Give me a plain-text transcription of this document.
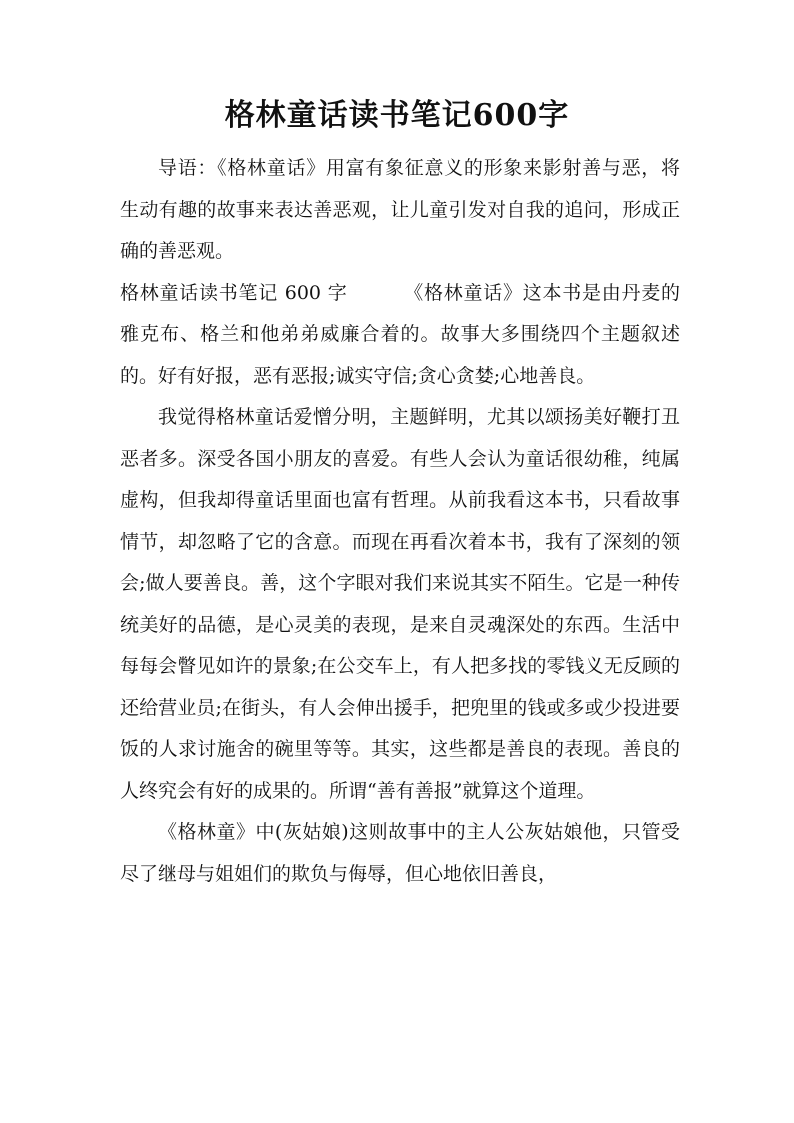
格林童话读书笔记600字

导语：《格林童话》用富有象征意义的形象来影射善与恶，将生动有趣的故事来表达善恶观，让儿童引发对自我的追问，形成正确的善恶观。

格林童话读书笔记 600 字	《格林童话》这本书是由丹麦的雅克布、格兰和他弟弟威廉合着的。故事大多围绕四个主题叙述的。好有好报，恶有恶报;诚实守信;贪心贪婪;心地善良。

我觉得格林童话爱憎分明，主题鲜明，尤其以颂扬美好鞭打丑恶者多。深受各国小朋友的喜爱。有些人会认为童话很幼稚，纯属虚构，但我却得童话里面也富有哲理。从前我看这本书，只看故事情节，却忽略了它的含意。而现在再看次着本书，我有了深刻的领会;做人要善良。善，这个字眼对我们来说其实不陌生。它是一种传统美好的品德，是心灵美的表现，是来自灵魂深处的东西。生活中每每会瞥见如许的景象;在公交车上，有人把多找的零钱义无反顾的还给营业员;在街头，有人会伸出援手，把兜里的钱或多或少投进要饭的人求讨施舍的碗里等等。其实，这些都是善良的表现。善良的人终究会有好的成果的。所谓“善有善报”就算这个道理。

《格林童》中(灰姑娘)这则故事中的主人公灰姑娘他，只管受尽了继母与姐姐们的欺负与侮辱，但心地依旧善良，
